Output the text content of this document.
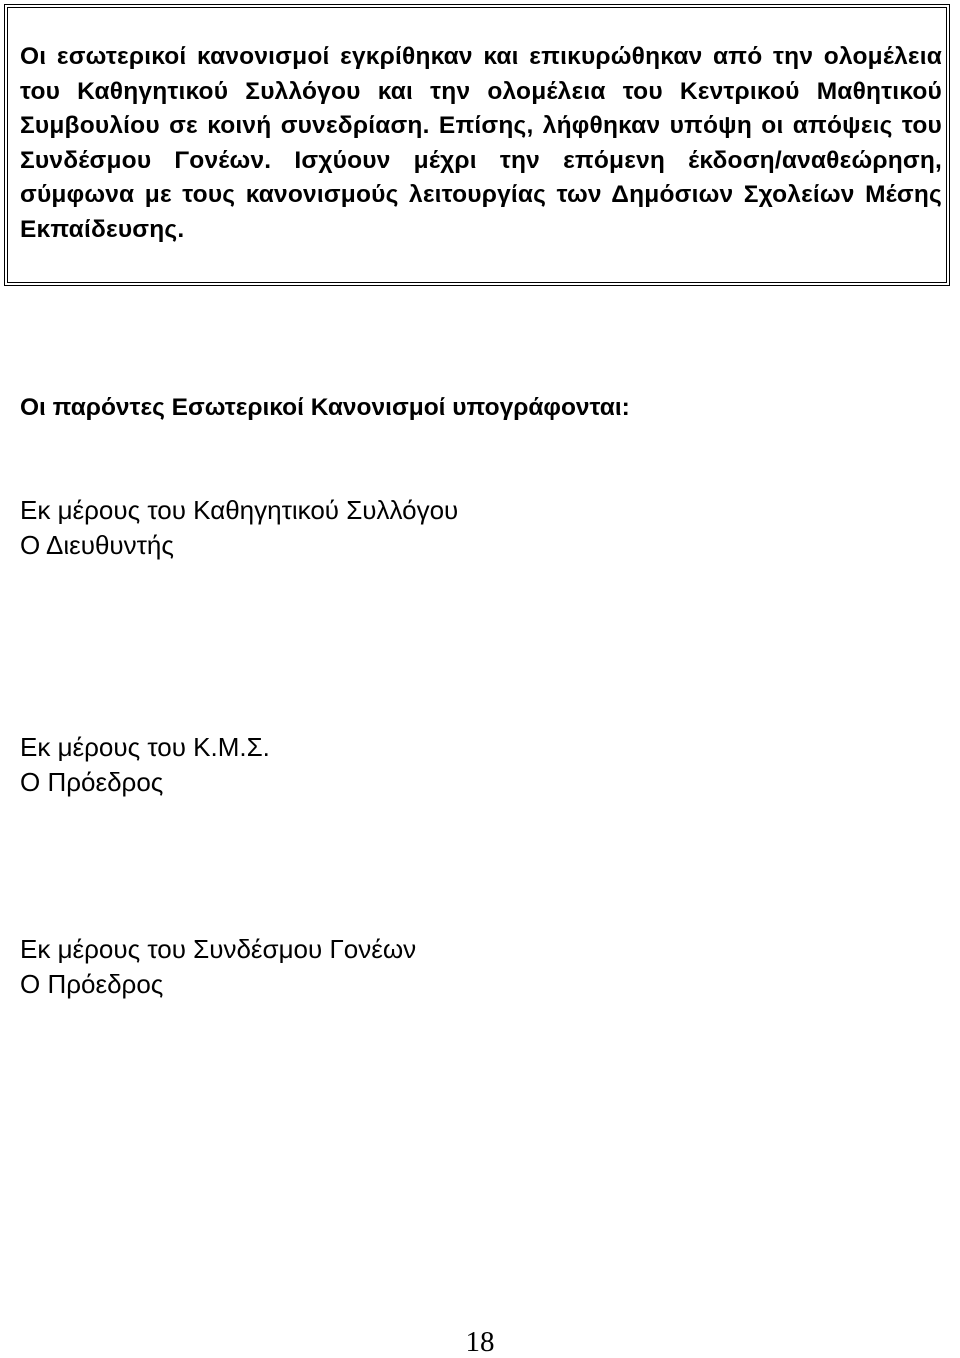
Οι εσωτερικοί κανονισμοί εγκρίθηκαν και επικυρώθηκαν από την ολομέλεια του Καθηγητικού Συλλόγου και την ολομέλεια του Κεντρικού Μαθητικού Συμβουλίου σε κοινή συνεδρίαση. Επίσης, λήφθηκαν υπόψη οι απόψεις του Συνδέσμου Γονέων. Ισχύουν μέχρι την επόμενη έκδοση/αναθεώρηση, σύμφωνα με τους κανονισμούς λειτουργίας των Δημόσιων Σχολείων Μέσης Εκπαίδευσης.

Οι παρόντες Εσωτερικοί Κανονισμοί υπογράφονται:

Εκ μέρους του Καθηγητικού Συλλόγου
Ο Διευθυντής
Εκ μέρους του Κ.Μ.Σ.
Ο Πρόεδρος
Εκ μέρους του Συνδέσμου Γονέων
Ο Πρόεδρος
18
